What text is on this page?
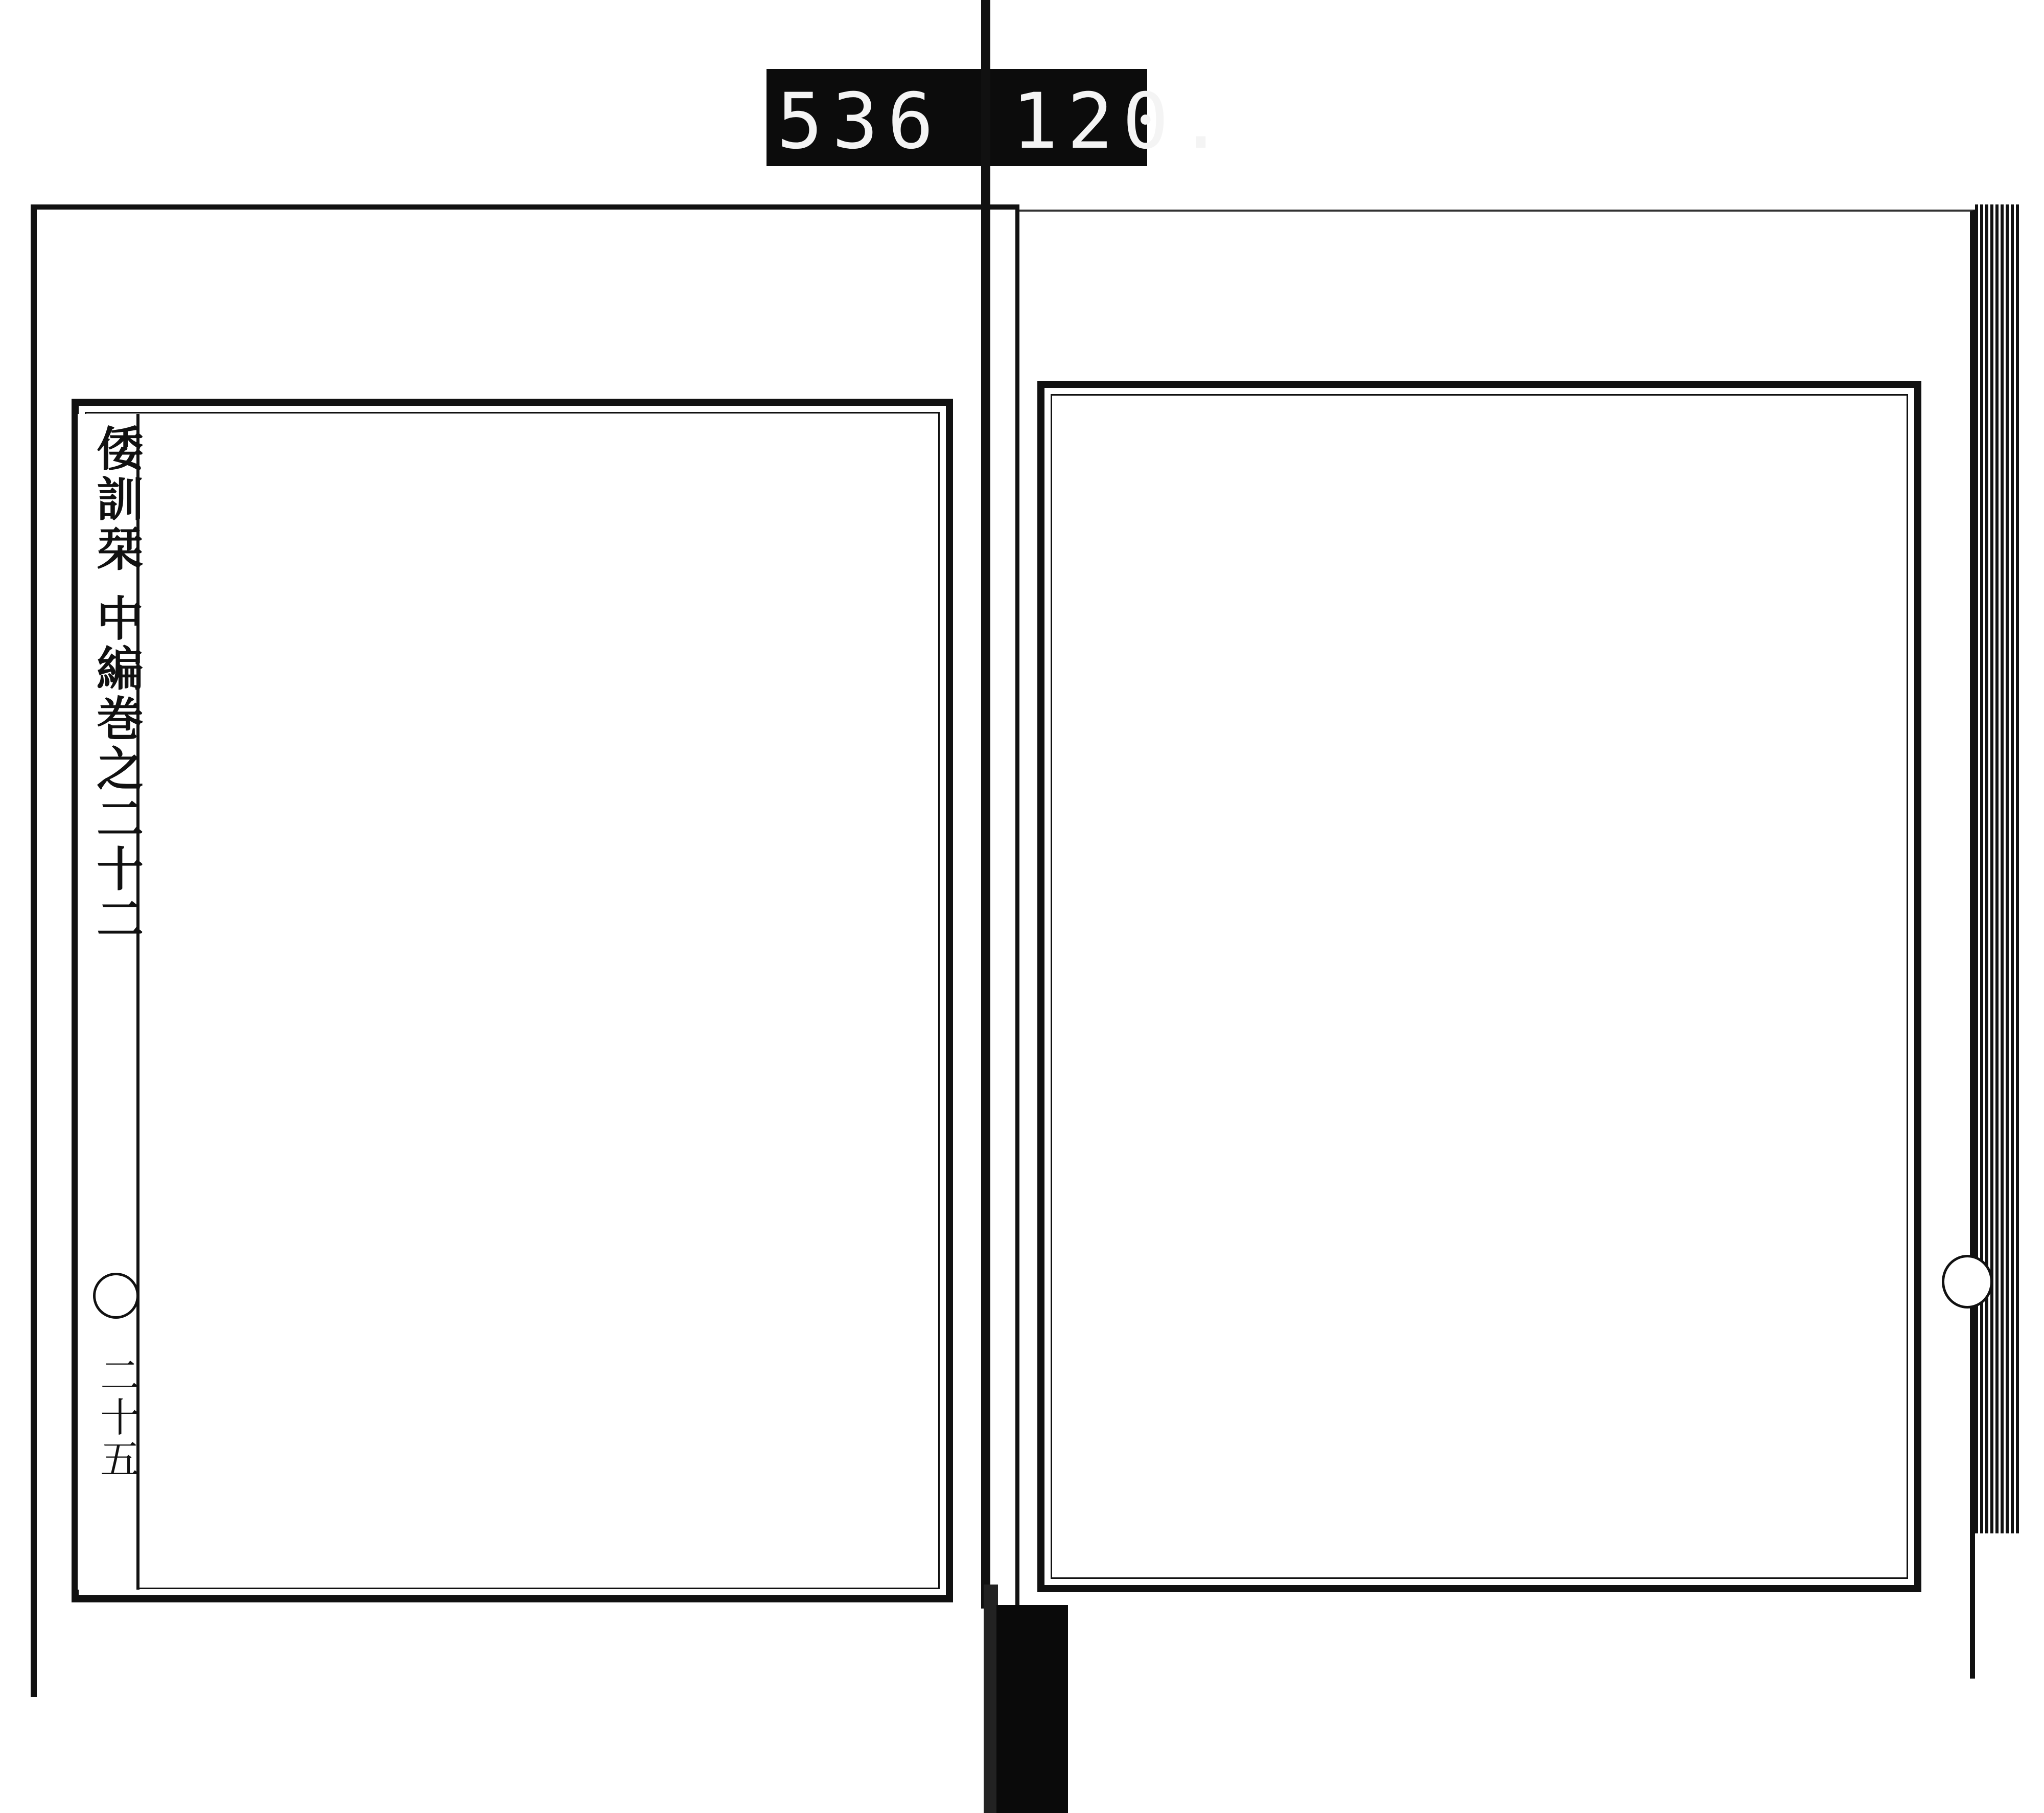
536 120.
倭訓栞 中編巻之二十二
二十五
